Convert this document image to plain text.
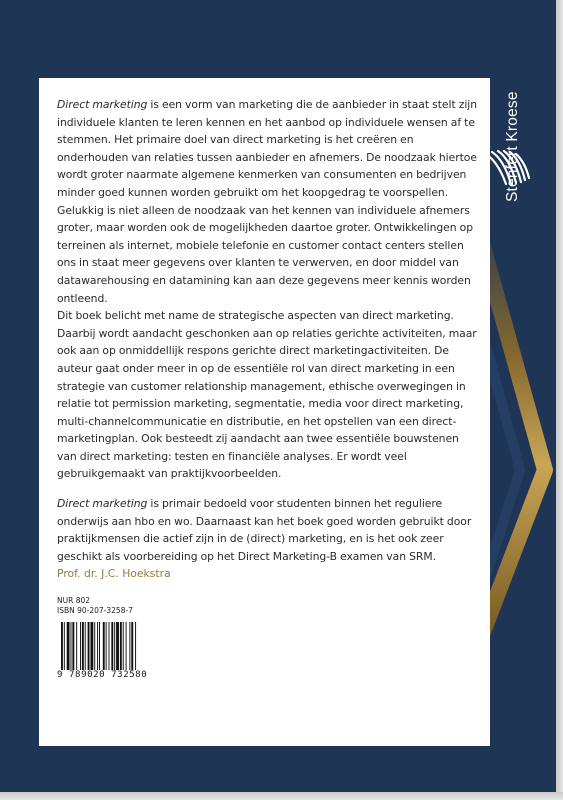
Stenfert Kroese

Direct marketing is een vorm van marketing die de aanbieder in staat stelt zijn individuele klanten te leren kennen en het aanbod op individuele wensen af te stemmen. Het primaire doel van direct marketing is het creëren en onderhouden van relaties tussen aanbieder en afnemers. De noodzaak hiertoe wordt groter naarmate algemene kenmerken van consumenten en bedrijven minder goed kunnen worden gebruikt om het koopgedrag te voorspellen. Gelukkig is niet alleen de noodzaak van het kennen van individuele afnemers groter, maar worden ook de mogelijkheden daartoe groter. Ontwikkelingen op terreinen als internet, mobiele telefonie en customer contact centers stellen ons in staat meer gegevens over klanten te verwerven, en door middel van datawarehousing en datamining kan aan deze gegevens meer kennis worden ontleend.

Dit boek belicht met name de strategische aspecten van direct marketing. Daarbij wordt aandacht geschonken aan op relaties gerichte activiteiten, maar ook aan op onmiddellijk respons gerichte direct marketingactiviteiten. De auteur gaat onder meer in op de essentiële rol van direct marketing in een strategie van customer relationship management, ethische overwegingen in relatie tot permission marketing, segmentatie, media voor direct marketing, multi-channelcommunicatie en distributie, en het opstellen van een direct-marketingplan. Ook besteedt zij aandacht aan twee essentiële bouwstenen van direct marketing: testen en financiële analyses. Er wordt veel gebruikgemaakt van praktijkvoorbeelden.

Direct marketing is primair bedoeld voor studenten binnen het reguliere onderwijs aan hbo en wo. Daarnaast kan het boek goed worden gebruikt door praktijkmensen die actief zijn in de (direct) marketing, en is het ook zeer geschikt als voorbereiding op het Direct Marketing-B examen van SRM.

Prof. dr. J.C. Hoekstra

NUR 802
ISBN 90-207-3258-7
9 789020 732580
